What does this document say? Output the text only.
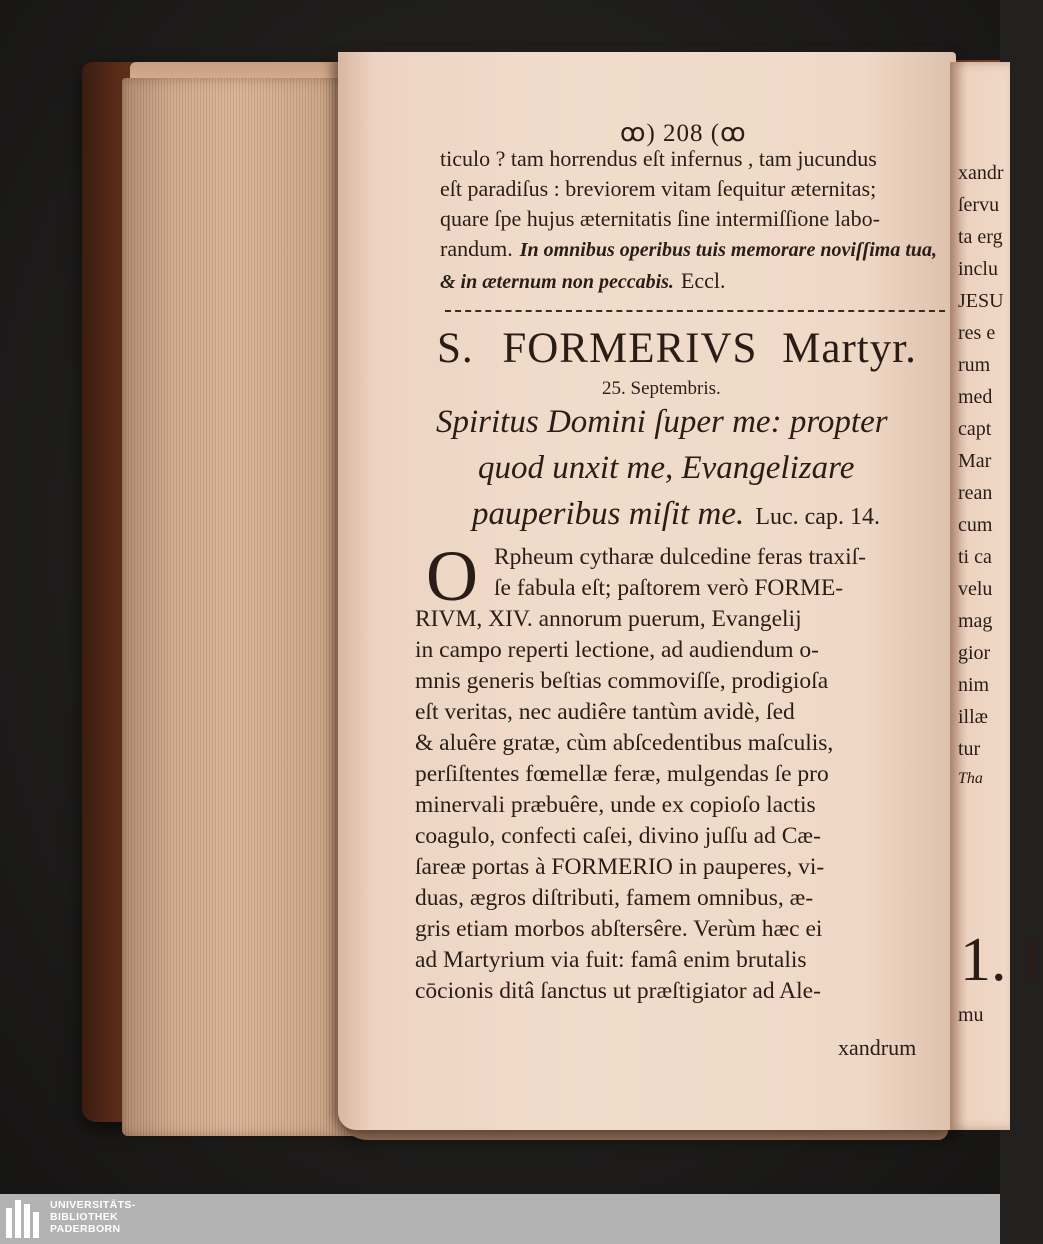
ꝏ) 208 (ꝏ
ticulo ? tam horrendus eſt infernus , tam jucundus
eſt paradiſus : breviorem vitam ſequitur æternitas;
quare ſpe hujus æternitatis ſine intermiſſione labo-
randum. In omnibus operibus tuis memorare noviſſima tua,
& in æternum non peccabis. Eccl.
S. FORMERIVS Martyr.
25. Septembris.
Spiritus Domini ſuper me: propter
quod unxit me, Evangelizare
pauperibus miſit me. Luc. cap. 14.
O Rpheum cytharæ dulcedine feras traxiſ-
ſe fabula eſt; paſtorem verò FORME-
RIVM, XIV. annorum puerum, Evangelij
in campo reperti lectione, ad audiendum o-
mnis generis beſtias commoviſſe, prodigioſa
eſt veritas, nec audiêre tantùm avidè, ſed
& aluêre gratæ, cùm abſcedentibus maſculis,
perſiſtentes fœmellæ feræ, mulgendas ſe pro
minervali præbuêre, unde ex copioſo lactis
coagulo, confecti caſei, divino juſſu ad Cæ-
ſareæ portas à FORMERIO in pauperes, vi-
duas, ægros diſtributi, famem omnibus, æ-
gris etiam morbos abſtersêre. Verùm hæc ei
ad Martyrium via fuit: famâ enim brutalis
cōcionis ditâ ſanctus ut præſtigiator ad Ale-
xandrum
xandr
ſervu
ta erg
inclu
JESU
res e
rum
med
capt
Mar
rean
cum
ti ca
velu
mag
gior
nim
illæ
tur
Tha
1. I
mu
UNIVERSITÄTS-
BIBLIOTHEK
PADERBORN
